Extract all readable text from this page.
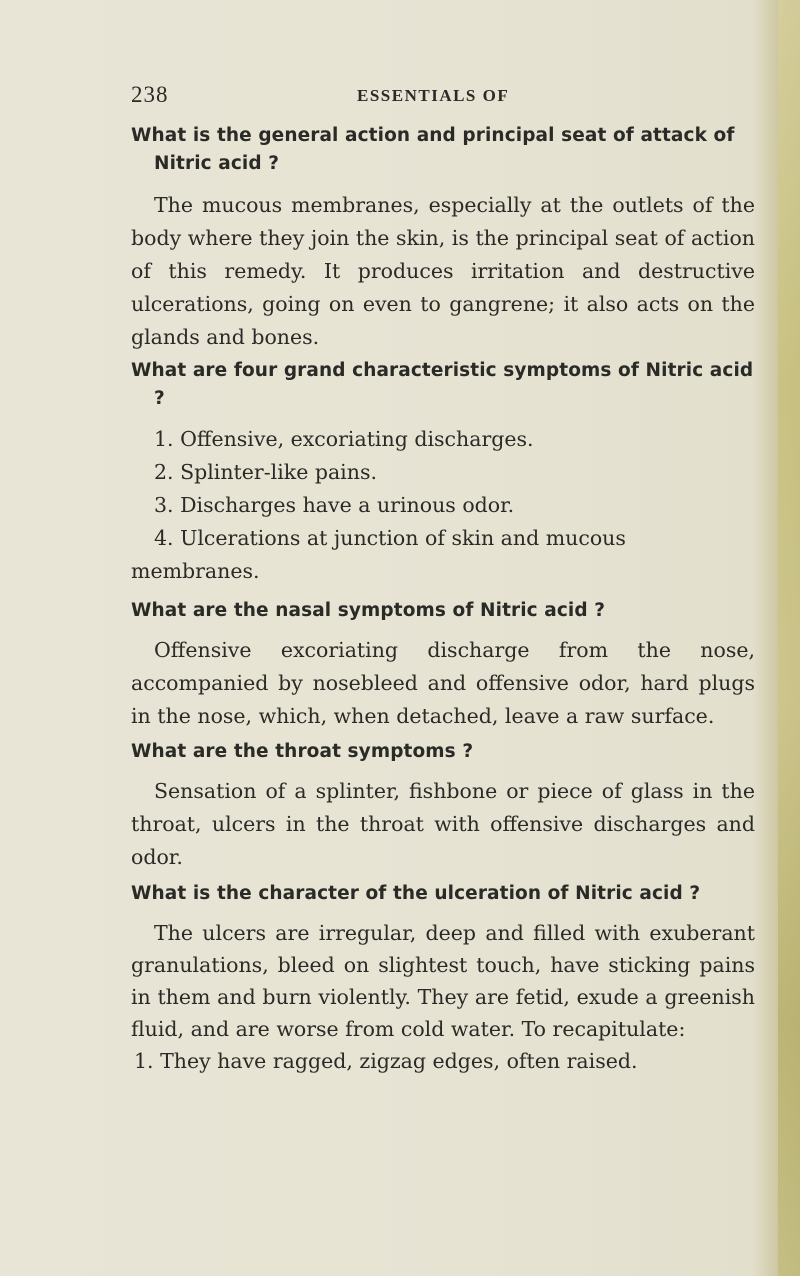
238	ESSENTIALS OF

What is the general action and principal seat of attack of Nitric acid ?

The mucous membranes, especially at the outlets of the body where they join the skin, is the principal seat of action of this remedy. It produces irritation and destructive ulcerations, going on even to gangrene; it also acts on the glands and bones.

What are four grand characteristic symptoms of Nitric acid ?

1. Offensive, excoriating discharges.

2. Splinter-like pains.

3. Discharges have a urinous odor.

4. Ulcerations at junction of skin and mucous membranes.

What are the nasal symptoms of Nitric acid ?

Offensive excoriating discharge from the nose, accompanied by nosebleed and offensive odor, hard plugs in the nose, which, when detached, leave a raw surface.

What are the throat symptoms ?

Sensation of a splinter, fishbone or piece of glass in the throat, ulcers in the throat with offensive discharges and odor.

What is the character of the ulceration of Nitric acid ?

The ulcers are irregular, deep and filled with exuberant granulations, bleed on slightest touch, have sticking pains in them and burn violently. They are fetid, exude a greenish fluid, and are worse from cold water. To recapitulate:

1. They have ragged, zigzag edges, often raised.
